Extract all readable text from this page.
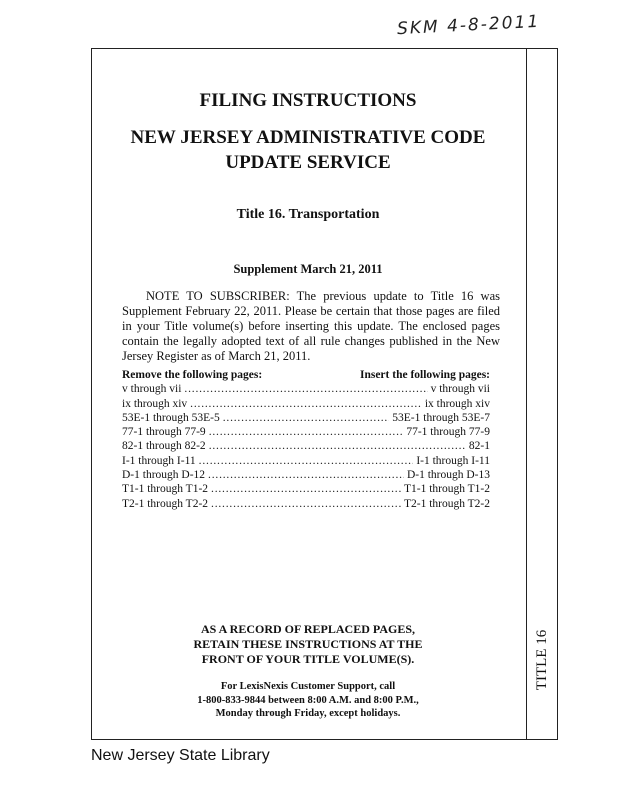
SKM 4-8-2011
TITLE 16
FILING INSTRUCTIONS
NEW JERSEY ADMINISTRATIVE CODE
UPDATE SERVICE
Title 16. Transportation
Supplement March 21, 2011

NOTE TO SUBSCRIBER: The previous update to Title 16 was Supplement February 22, 2011. Please be certain that those pages are filed in your Title volume(s) before inserting this update. The enclosed pages contain the legally adopted text of all rule changes published in the New Jersey Register as of March 21, 2011.

Remove the following pages:	Insert the following pages:
v through vii .....	v through vii
ix through xiv .....	ix through xiv
53E-1 through 53E-5 .....	53E-1 through 53E-7
77-1 through 77-9 .....	77-1 through 77-9
82-1 through 82-2 .....	82-1
I-1 through I-11 .....	I-1 through I-11
D-1 through D-12 .....	D-1 through D-13
T1-1 through T1-2 .....	T1-1 through T1-2
T2-1 through T2-2 .....	T2-1 through T2-2
AS A RECORD OF REPLACED PAGES,
RETAIN THESE INSTRUCTIONS AT THE
FRONT OF YOUR TITLE VOLUME(S).
For LexisNexis Customer Support, call
1-800-833-9844 between 8:00 A.M. and 8:00 P.M.,
Monday through Friday, except holidays.
New Jersey State Library
